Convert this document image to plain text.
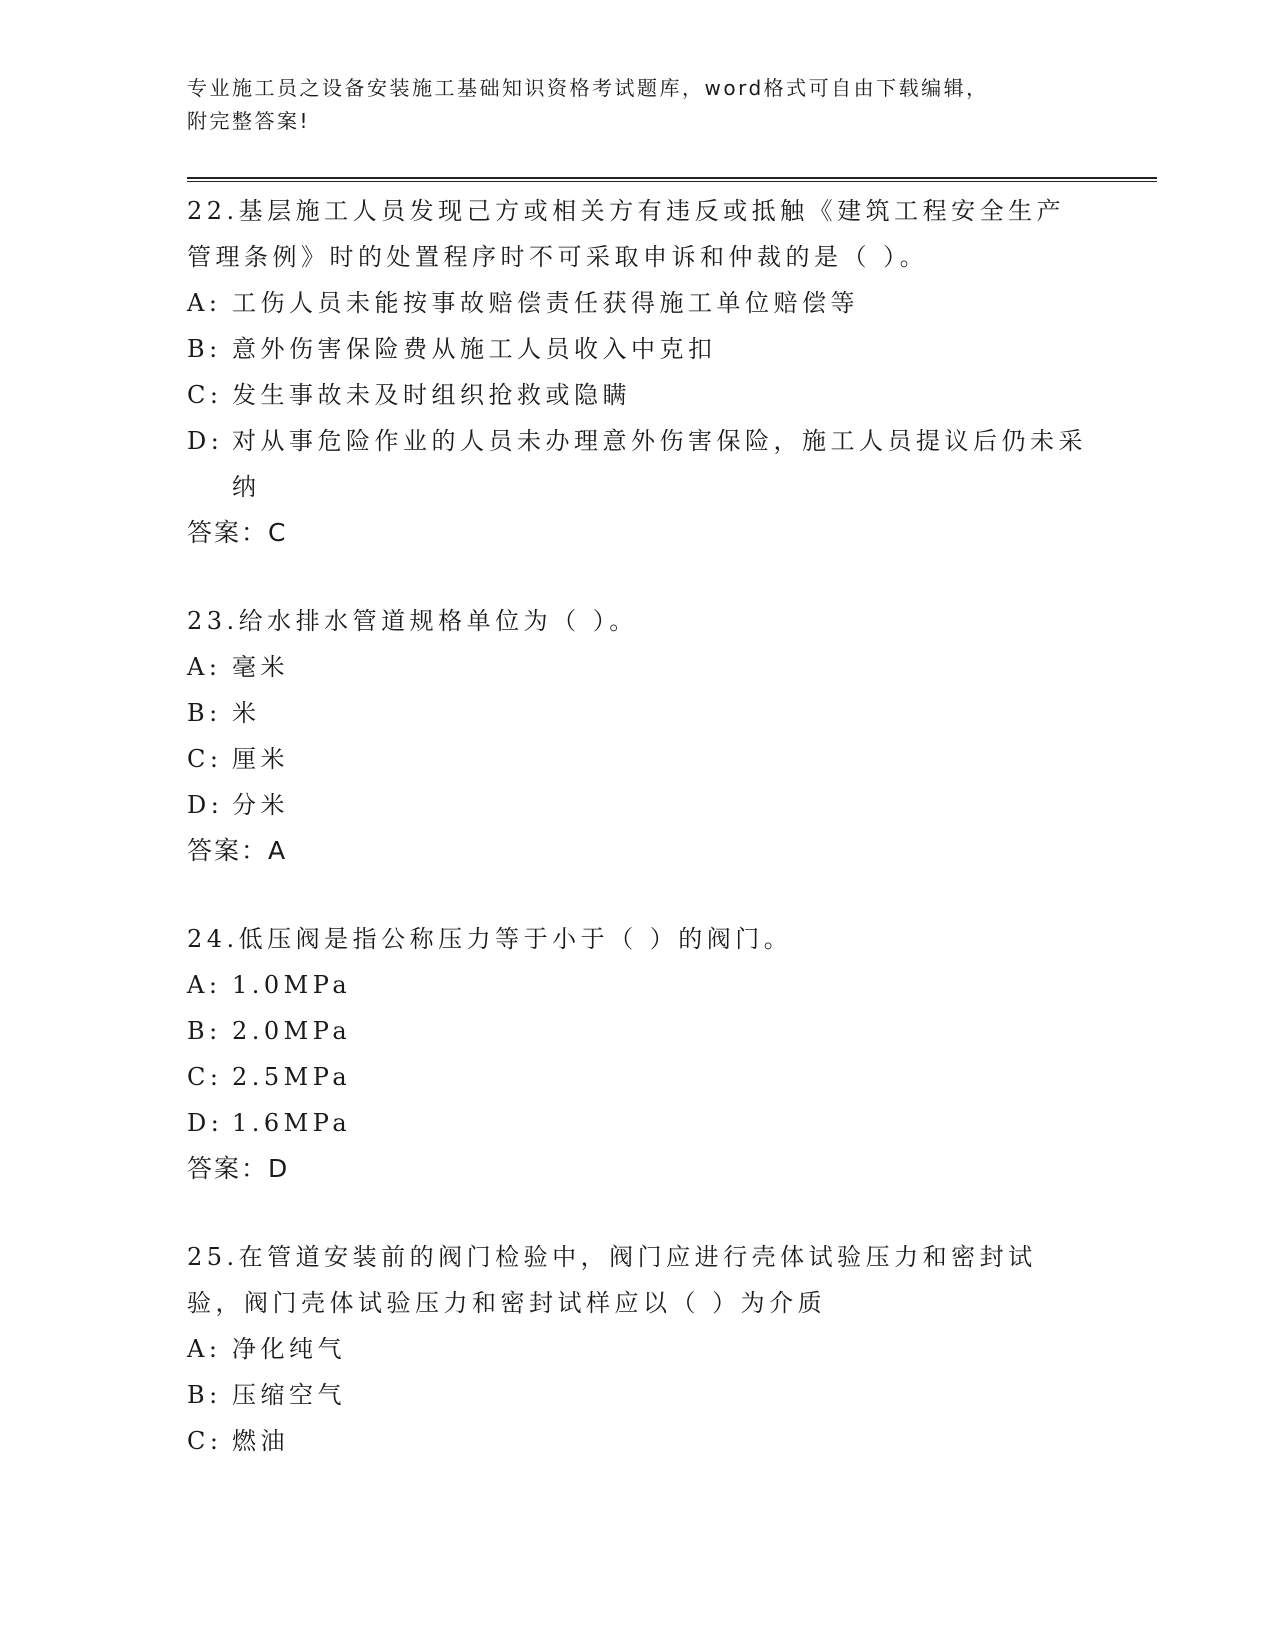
专业施工员之设备安装施工基础知识资格考试题库，word格式可自由下载编辑，
附完整答案!
22.基层施工人员发现己方或相关方有违反或抵触《建筑工程安全生产管理条例》时的处置程序时不可采取申诉和仲裁的是（ ）。
A: 工伤人员未能按事故赔偿责任获得施工单位赔偿等
B: 意外伤害保险费从施工人员收入中克扣
C: 发生事故未及时组织抢救或隐瞒
D: 对从事危险作业的人员未办理意外伤害保险，施工人员提议后仍未采纳
答案：C
23.给水排水管道规格单位为（ ）。
A: 毫米
B: 米
C: 厘米
D: 分米
答案：A
24.低压阀是指公称压力等于小于（ ）的阀门。
A: 1.0MPa
B: 2.0MPa
C: 2.5MPa
D: 1.6MPa
答案：D
25.在管道安装前的阀门检验中，阀门应进行壳体试验压力和密封试验，阀门壳体试验压力和密封试样应以（ ）为介质
A: 净化纯气
B: 压缩空气
C: 燃油
